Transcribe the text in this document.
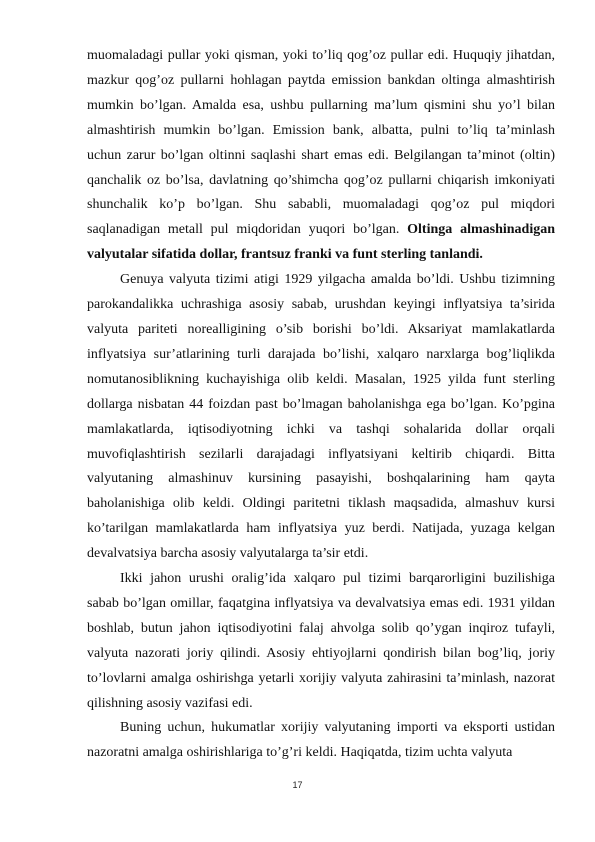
muomaladagi pullar yoki qisman, yoki to’liq qog’oz pullar edi. Huquqiy jihatdan, mazkur qog’oz pullarni hohlagan paytda emission bankdan oltinga almashtirish mumkin bo’lgan. Amalda esa, ushbu pullarning ma’lum qismini shu yo’l bilan almashtirish mumkin bo’lgan. Emission bank, albatta, pulni to’liq ta’minlash uchun zarur bo’lgan oltinni saqlashi shart emas edi. Belgilangan ta’minot (oltin) qanchalik oz bo’lsa, davlatning qo’shimcha qog’oz pullarni chiqarish imkoniyati shunchalik ko’p bo’lgan. Shu sababli, muomaladagi qog’oz pul miqdori saqlanadigan metall pul miqdoridan yuqori bo’lgan. Oltinga almashinadigan valyutalar sifatida dollar, frantsuz franki va funt sterling tanlandi.

Genuya valyuta tizimi atigi 1929 yilgacha amalda bo’ldi. Ushbu tizimning parokandalikka uchrashiga asosiy sabab, urushdan keyingi inflyatsiya ta’sirida valyuta pariteti norealligining o’sib borishi bo’ldi. Aksariyat mamlakatlarda inflyatsiya sur’atlarining turli darajada bo’lishi, xalqaro narxlarga bog’liqlikda nomutanosiblikning kuchayishiga olib keldi. Masalan, 1925 yilda funt sterling dollarga nisbatan 44 foizdan past bo’lmagan baholanishga ega bo’lgan. Ko’pgina mamlakatlarda, iqtisodiyotning ichki va tashqi sohalarida dollar orqali muvofiqlashtirish sezilarli darajadagi inflyatsiyani keltirib chiqardi. Bitta valyutaning almashinuv kursining pasayishi, boshqalarining ham qayta baholanishiga olib keldi. Oldingi paritetni tiklash maqsadida, almashuv kursi ko’tarilgan mamlakatlarda ham inflyatsiya yuz berdi. Natijada, yuzaga kelgan devalvatsiya barcha asosiy valyutalarga ta’sir etdi.

Ikki jahon urushi oralig’ida xalqaro pul tizimi barqarorligini buzilishiga sabab bo’lgan omillar, faqatgina inflyatsiya va devalvatsiya emas edi. 1931 yildan boshlab, butun jahon iqtisodiyotini falaj ahvolga solib qo’ygan inqiroz tufayli, valyuta nazorati joriy qilindi. Asosiy ehtiyojlarni qondirish bilan bog’liq, joriy to’lovlarni amalga oshirishga yetarli xorijiy valyuta zahirasini ta’minlash, nazorat qilishning asosiy vazifasi edi.

Buning uchun, hukumatlar xorijiy valyutaning importi va eksporti ustidan nazoratni amalga oshirishlariga to’g’ri keldi. Haqiqatda, tizim uchta valyuta

17
